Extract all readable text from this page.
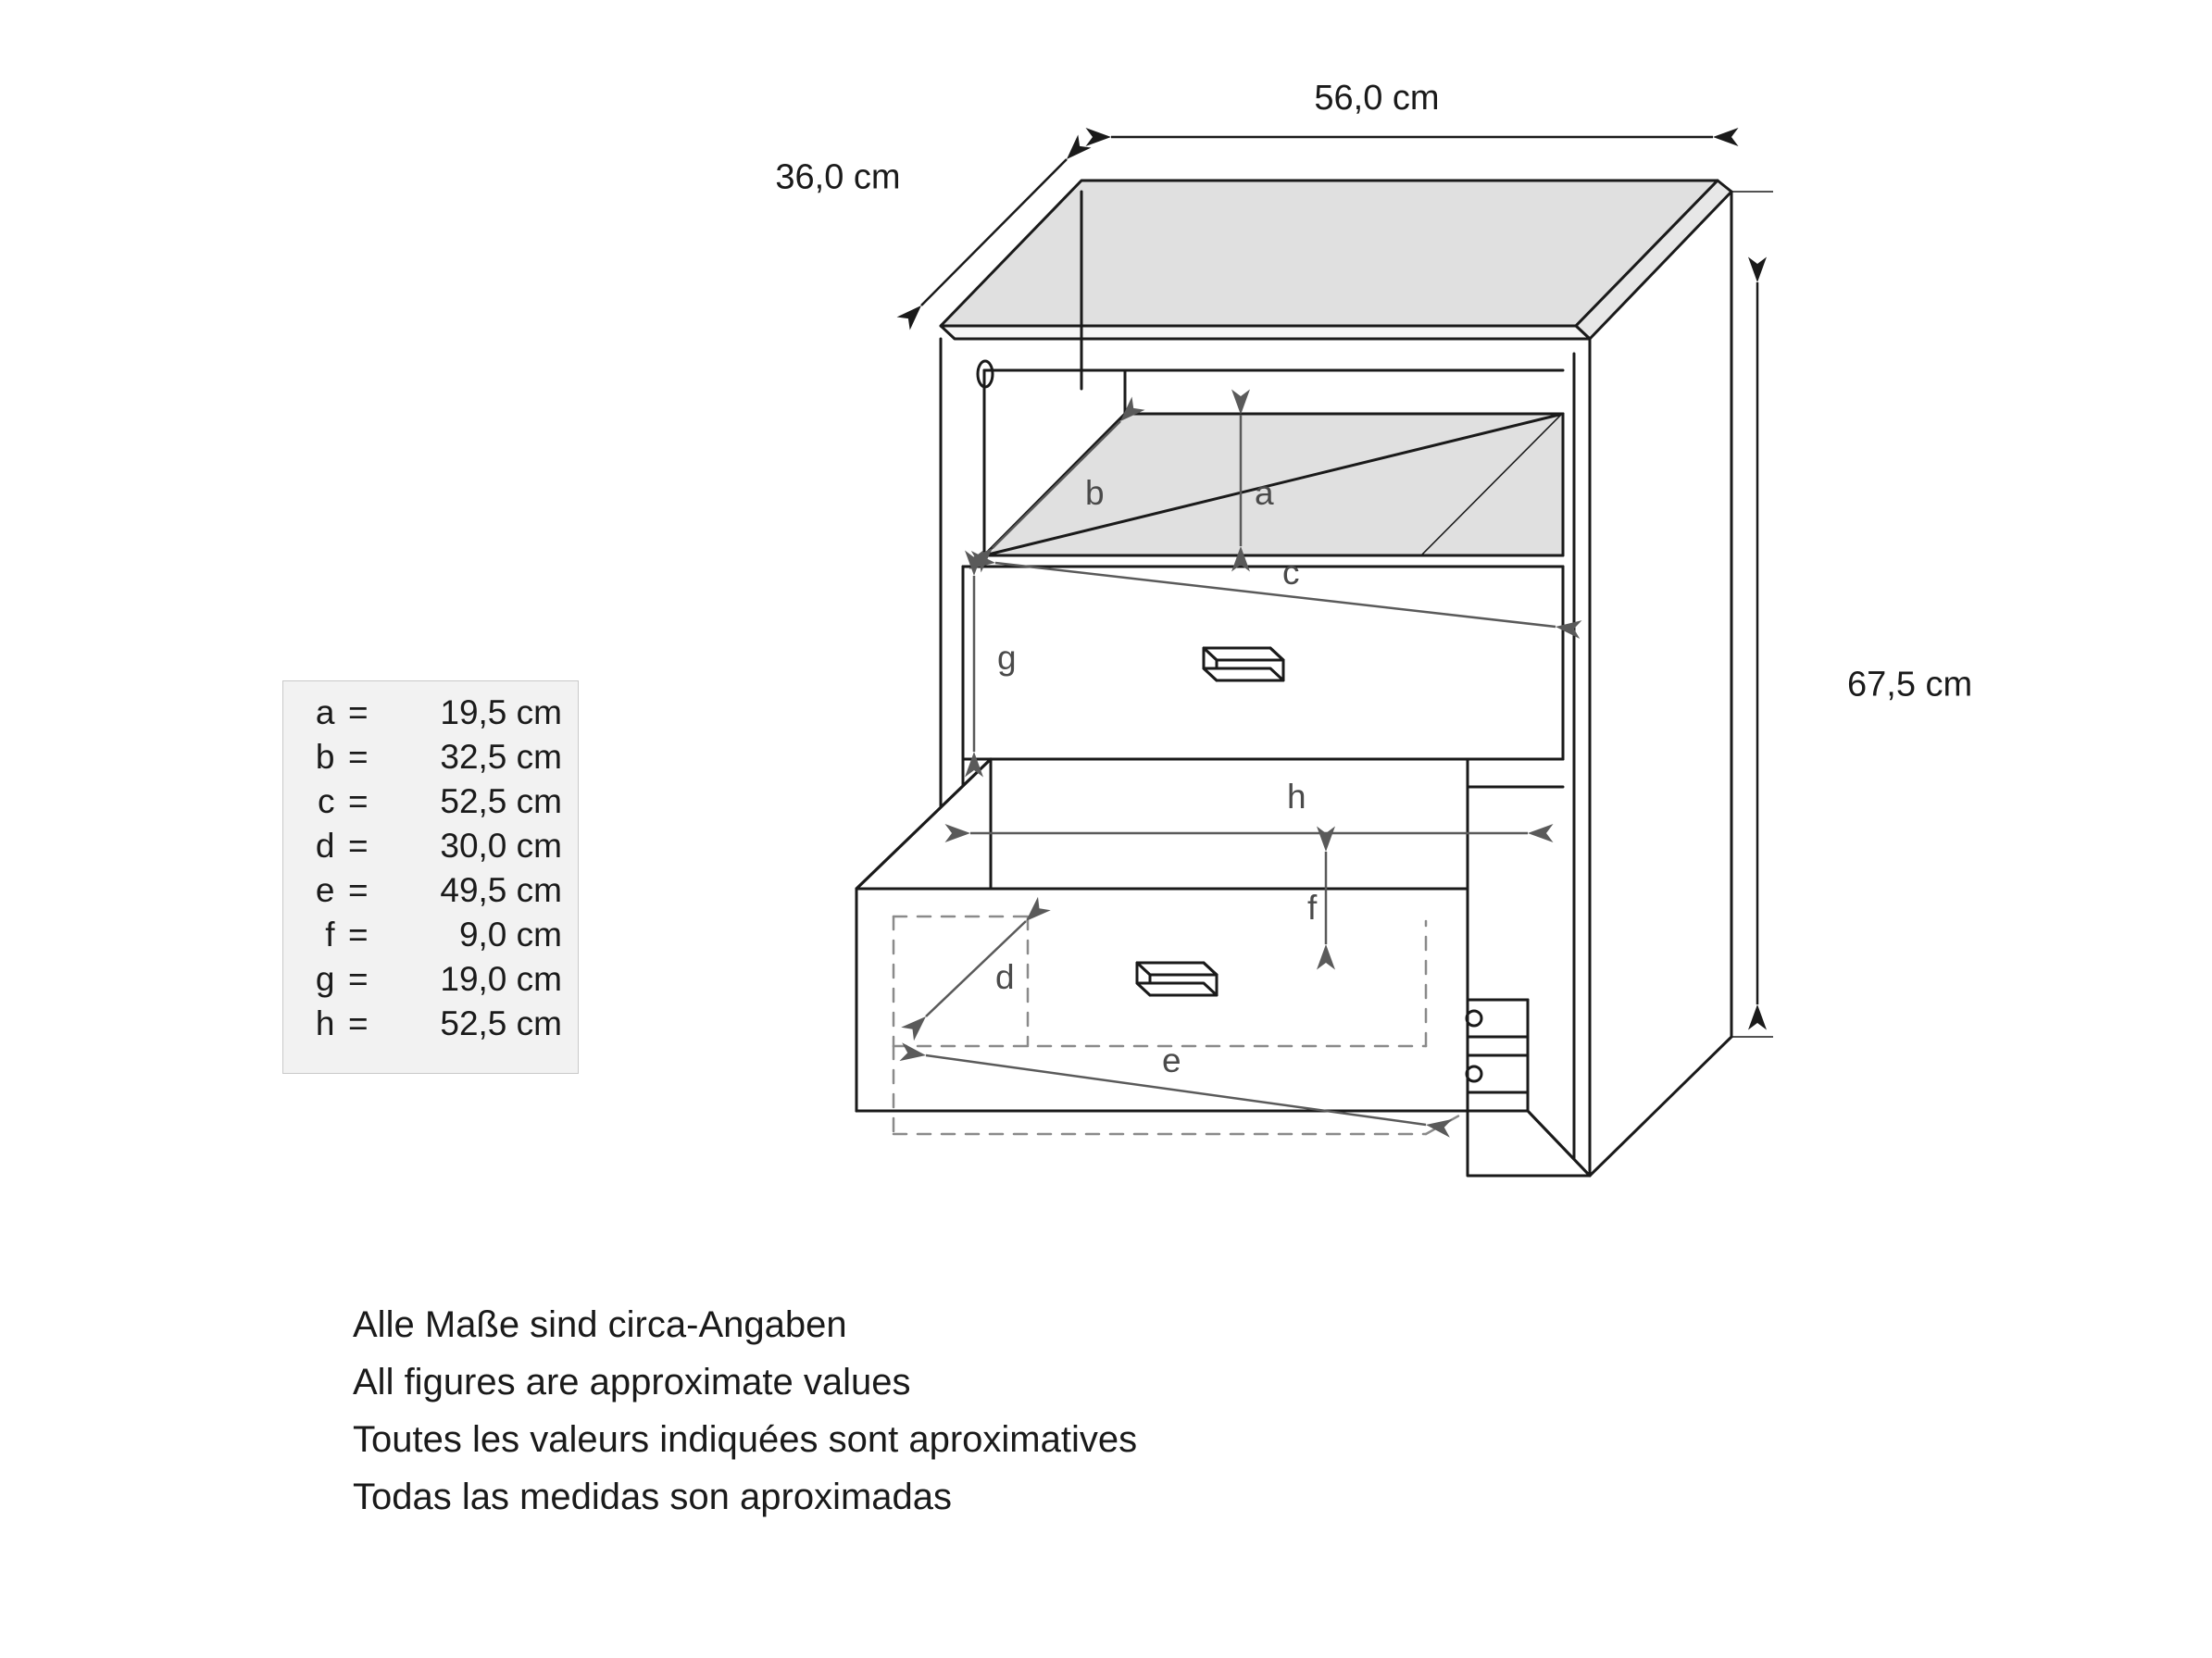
56,0 cm
36,0 cm
67,5 cm
a
b
c
g
h
f
d
e
a =	19,5 cm
b =	32,5 cm
c =	52,5 cm
d =	30,0 cm
e =	49,5 cm
f =	9,0 cm
g =	19,0 cm
h =	52,5 cm
Alle Maße sind circa-Angaben
All figures are approximate values
Toutes les valeurs indiquées sont aproximatives
Todas las medidas son aproximadas
